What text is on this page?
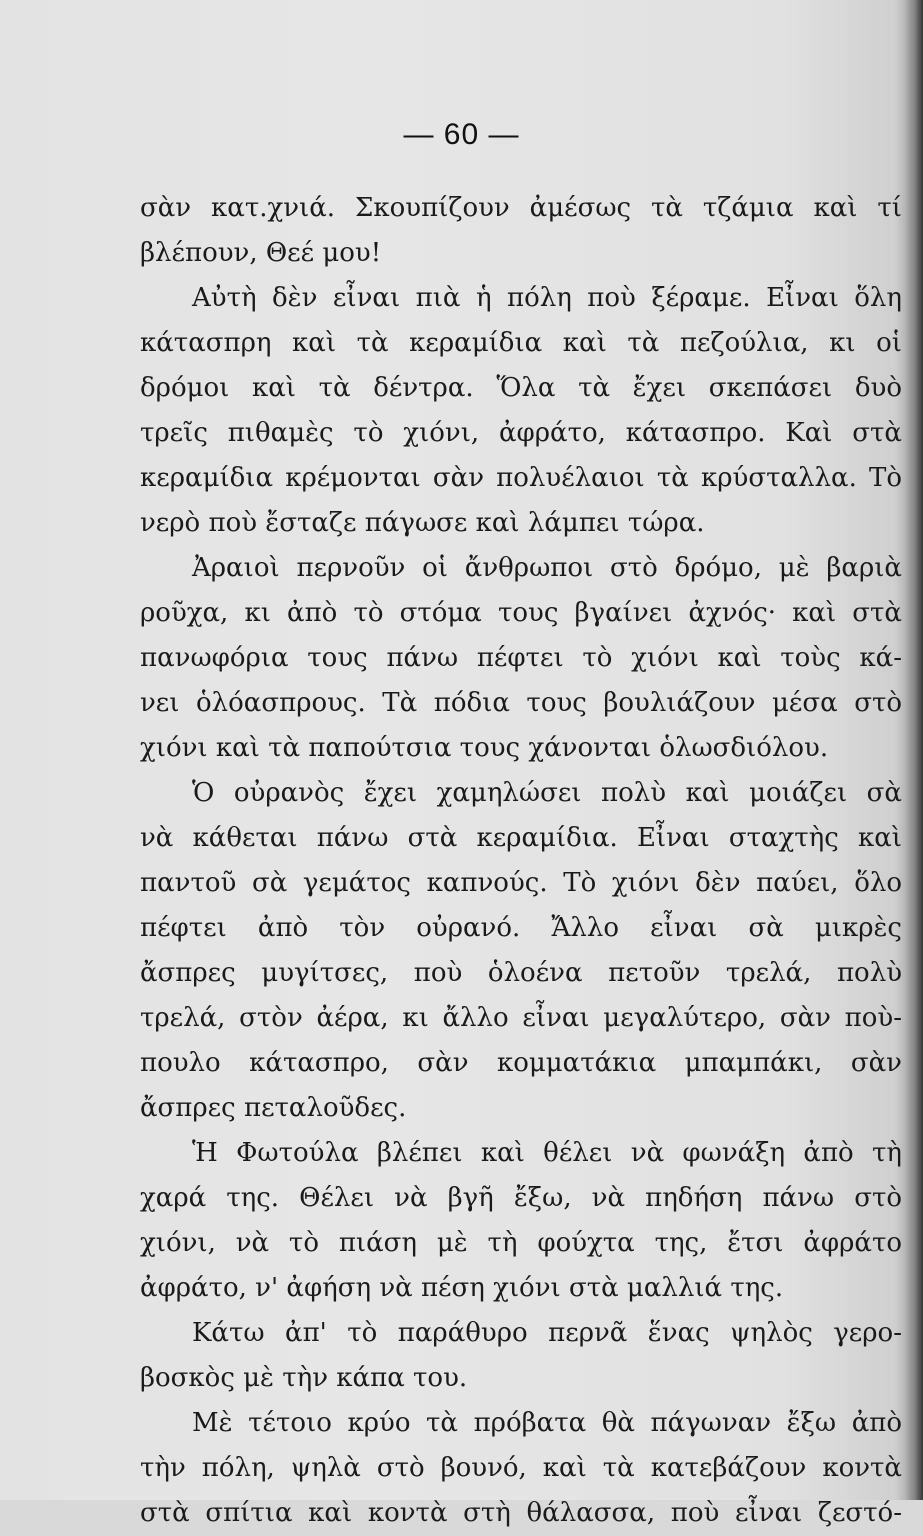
— 60 —
σὰν κατ.χνιά. Σκουπίζουν ἀμέσως τὰ τζάμια καὶ τί
βλέπουν, Θεέ μου!
Αὐτὴ δὲν εἶναι πιὰ ἡ πόλη ποὺ ξέραμε. Εἶναι ὅλη
κάτασπρη καὶ τὰ κεραμίδια καὶ τὰ πεζούλια, κι οἱ
δρόμοι καὶ τὰ δέντρα. Ὅλα τὰ ἔχει σκεπάσει δυὸ
τρεῖς πιθαμὲς τὸ χιόνι, ἀφράτο, κάτασπρο. Καὶ στὰ
κεραμίδια κρέμονται σὰν πολυέλαιοι τὰ κρύσταλλα. Τὸ
νερὸ ποὺ ἔσταζε πάγωσε καὶ λάμπει τώρα.
Ἀραιοὶ περνοῦν οἱ ἄνθρωποι στὸ δρόμο, μὲ βαριὰ
ροῦχα, κι ἀπὸ τὸ στόμα τους βγαίνει ἀχνός· καὶ στὰ
πανωφόρια τους πάνω πέφτει τὸ χιόνι καὶ τοὺς κά-
νει ὁλόασπρους. Τὰ πόδια τους βουλιάζουν μέσα στὸ
χιόνι καὶ τὰ παπούτσια τους χάνονται ὁλωσδιόλου.
Ὁ οὐρανὸς ἔχει χαμηλώσει πολὺ καὶ μοιάζει σὰ
νὰ κάθεται πάνω στὰ κεραμίδια. Εἶναι σταχτὴς καὶ
παντοῦ σὰ γεμάτος καπνούς. Τὸ χιόνι δὲν παύει, ὅλο
πέφτει ἀπὸ τὸν οὐρανό. Ἄλλο εἶναι σὰ μικρὲς
ἄσπρες μυγίτσες, ποὺ ὁλοένα πετοῦν τρελά, πολὺ
τρελά, στὸν ἀέρα, κι ἄλλο εἶναι μεγαλύτερο, σὰν ποὺ-
πουλο κάτασπρο, σὰν κομματάκια μπαμπάκι, σὰν
ἄσπρες πεταλοῦδες.
Ἡ Φωτούλα βλέπει καὶ θέλει νὰ φωνάξη ἀπὸ τὴ
χαρά της. Θέλει νὰ βγῆ ἔξω, νὰ πηδήση πάνω στὸ
χιόνι, νὰ τὸ πιάση μὲ τὴ φούχτα της, ἔτσι ἀφράτο
ἀφράτο, ν' ἀφήση νὰ πέση χιόνι στὰ μαλλιά της.
Κάτω ἀπ' τὸ παράθυρο περνᾶ ἕνας ψηλὸς γερο-
βοσκὸς μὲ τὴν κάπα του.
Μὲ τέτοιο κρύο τὰ πρόβατα θὰ πάγωναν ἔξω ἀπὸ
τὴν πόλη, ψηλὰ στὸ βουνό, καὶ τὰ κατεβάζουν κοντὰ
στὰ σπίτια καὶ κοντὰ στὴ θάλασσα, ποὺ εἶναι ζεστό-
